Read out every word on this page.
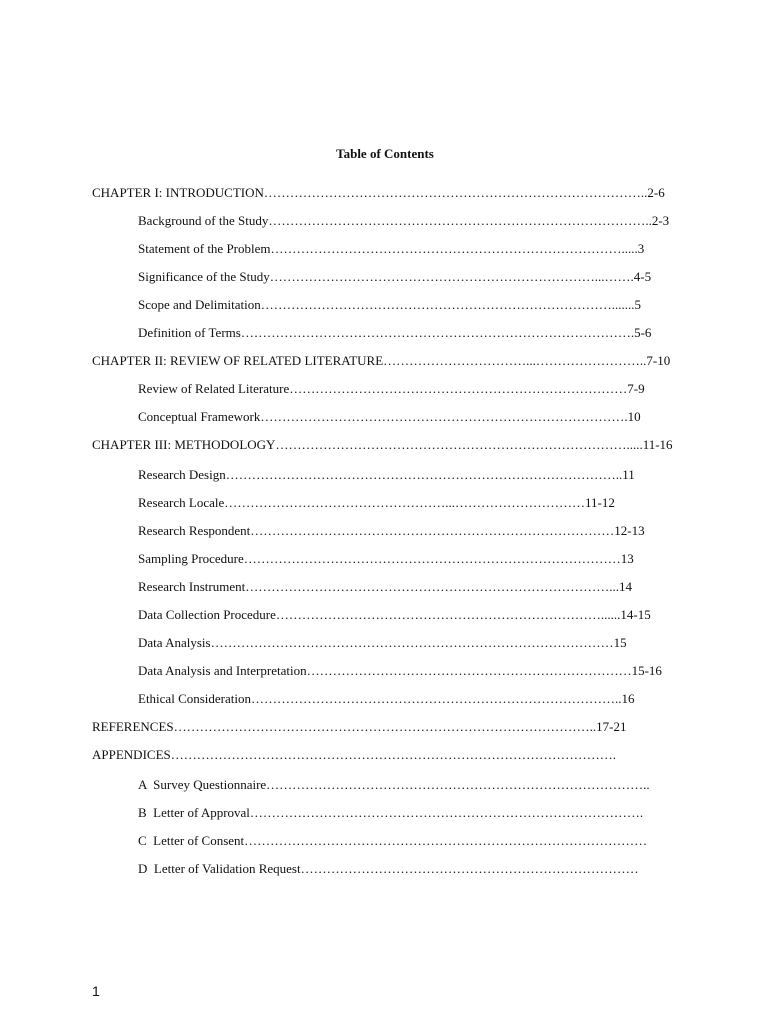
Table of Contents
CHAPTER I: INTRODUCTION……………………………………………………………………………..2-6
Background of the Study……………………………………………………………………………..2-3
Statement of the Problem……………………………………………………………………….....3
Significance of the Study…………………………………………………………………...…….4-5
Scope and Delimitation……………………………………………………………………….......5
Definition of Terms……………………………………………………………………………….5-6
CHAPTER II: REVIEW OF RELATED LITERATURE……………………………...……………………..7-10
Review of Related Literature……………………………………………………………………7-9
Conceptual Framework………………………………………………………………………….10
CHAPTER III: METHODOLOGY……………………………………………………………………….....11-16
Research Design………………………………………………………………………………..11
Research Locale……………………………………………...…………………………11-12
Research Respondent…………………………………………………………………………12-13
Sampling Procedure……………………………………………………………………………13
Research Instrument…………………………………………………………………………...14
Data Collection Procedure…………………………………………………………………......14-15
Data Analysis…………………………………………………………………………………15
Data Analysis and Interpretation…………………………………………………………………15-16
Ethical Consideration…………………………………………………………………………..16
REFERENCES……………………………………………………………………………………..17-21
APPENDICES………………………………………………………………………………………….
A  Survey Questionnaire……………………………………………………………………………..
B  Letter of Approval……………………………………………………………………………….
C  Letter of Consent…………………………………………………………………………………
D  Letter of Validation Request……………………………………………………………………
1
